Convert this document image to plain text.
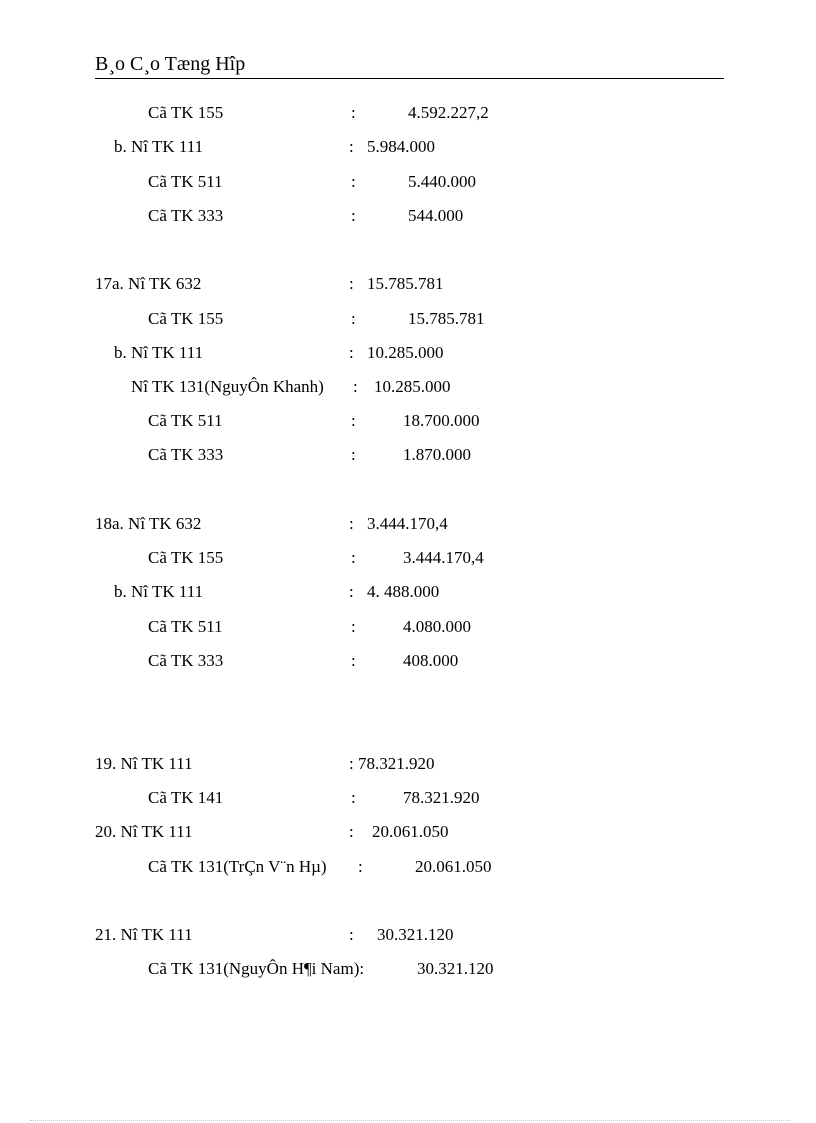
B¸o C¸o Tæng Hîp
Cã TK 155	:	4.592.227,2
b. Nî TK 111	: 5.984.000
Cã TK 511	:	5.440.000
Cã TK 333	:	544.000
17a. Nî TK 632	: 15.785.781
Cã TK 155	:	15.785.781
b. Nî TK 111	: 10.285.000
Nî TK 131(NguyÔn Khanh) : 10.285.000
Cã TK 511	:	18.700.000
Cã TK 333	:	1.870.000
18a. Nî TK 632	: 3.444.170,4
Cã TK 155	:	3.444.170,4
b. Nî TK 111	: 4. 488.000
Cã TK 511	:	4.080.000
Cã TK 333	:	408.000
19. Nî TK 111	: 78.321.920
Cã TK 141	:	78.321.920
20. Nî TK 111	: 20.061.050
Cã TK 131(TrÇn V¨n Hµ) :	20.061.050
21. Nî TK 111	: 30.321.120
Cã TK 131(NguyÔn H¶i Nam):	30.321.120
